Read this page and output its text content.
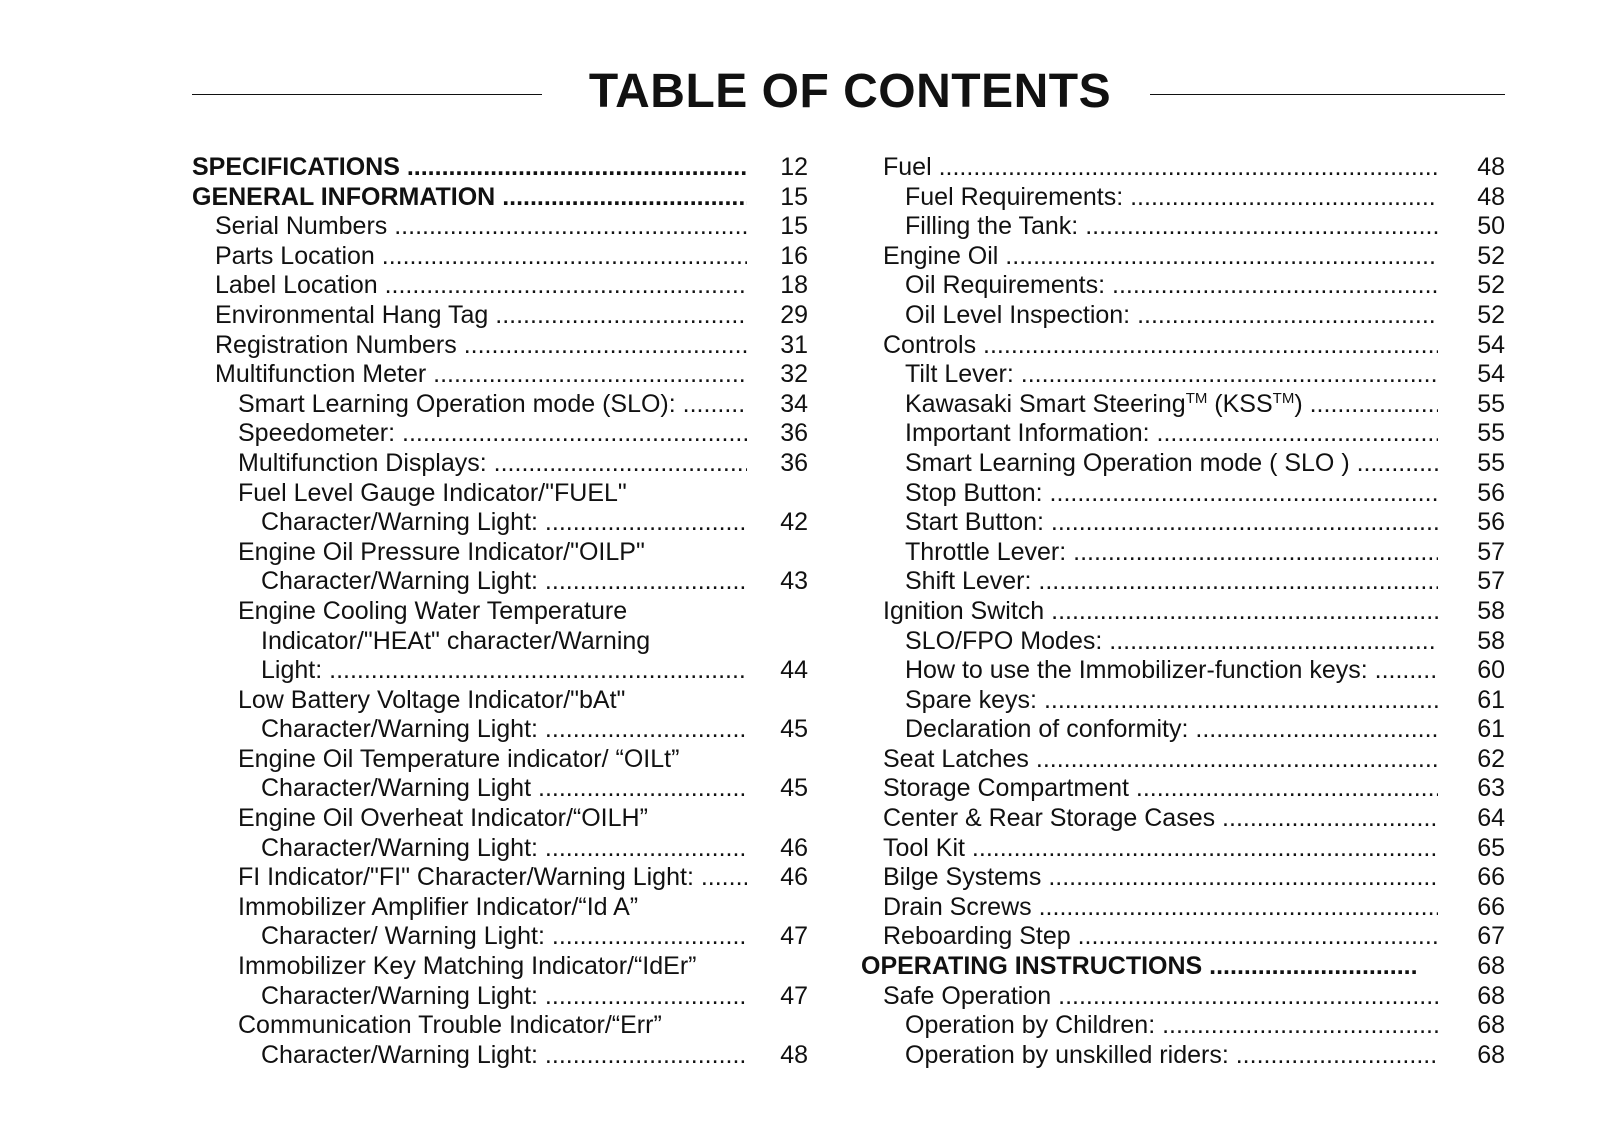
TABLE OF CONTENTS
SPECIFICATIONS .....	12
GENERAL INFORMATION .....	15
Serial Numbers .....	15
Parts Location .....	16
Label Location .....	18
Environmental Hang Tag .....	29
Registration Numbers .....	31
Multifunction Meter .....	32
Smart Learning Operation mode (SLO): .....	34
Speedometer: .....	36
Multifunction Displays: .....	36
Fuel Level Gauge Indicator/"FUEL"
Character/Warning Light: .....	42
Engine Oil Pressure Indicator/"OILP"
Character/Warning Light: .....	43
Engine Cooling Water Temperature
Indicator/"HEAt" character/Warning
Light: .....	44
Low Battery Voltage Indicator/"bAt"
Character/Warning Light: .....	45
Engine Oil Temperature indicator/ “OILt”
Character/Warning Light .....	45
Engine Oil Overheat Indicator/“OILH”
Character/Warning Light: .....	46
FI Indicator/"FI" Character/Warning Light: .....	46
Immobilizer Amplifier Indicator/“Id A”
Character/ Warning Light: .....	47
Immobilizer Key Matching Indicator/“IdEr”
Character/Warning Light: .....	47
Communication Trouble Indicator/“Err”
Character/Warning Light: .....	48
Fuel .....	48
Fuel Requirements: .....	48
Filling the Tank: .....	50
Engine Oil .....	52
Oil Requirements: .....	52
Oil Level Inspection: .....	52
Controls .....	54
Tilt Lever: .....	54
Kawasaki Smart Steering™ (KSS™) .....	55
Important Information: .....	55
Smart Learning Operation mode ( SLO ) .....	55
Stop Button: .....	56
Start Button: .....	56
Throttle Lever: .....	57
Shift Lever: .....	57
Ignition Switch .....	58
SLO/FPO Modes: .....	58
How to use the Immobilizer-function keys: .....	60
Spare keys: .....	61
Declaration of conformity: .....	61
Seat Latches .....	62
Storage Compartment .....	63
Center & Rear Storage Cases .....	64
Tool Kit .....	65
Bilge Systems .....	66
Drain Screws .....	66
Reboarding Step .....	67
OPERATING INSTRUCTIONS .....	68
Safe Operation .....	68
Operation by Children: .....	68
Operation by unskilled riders: .....	68
